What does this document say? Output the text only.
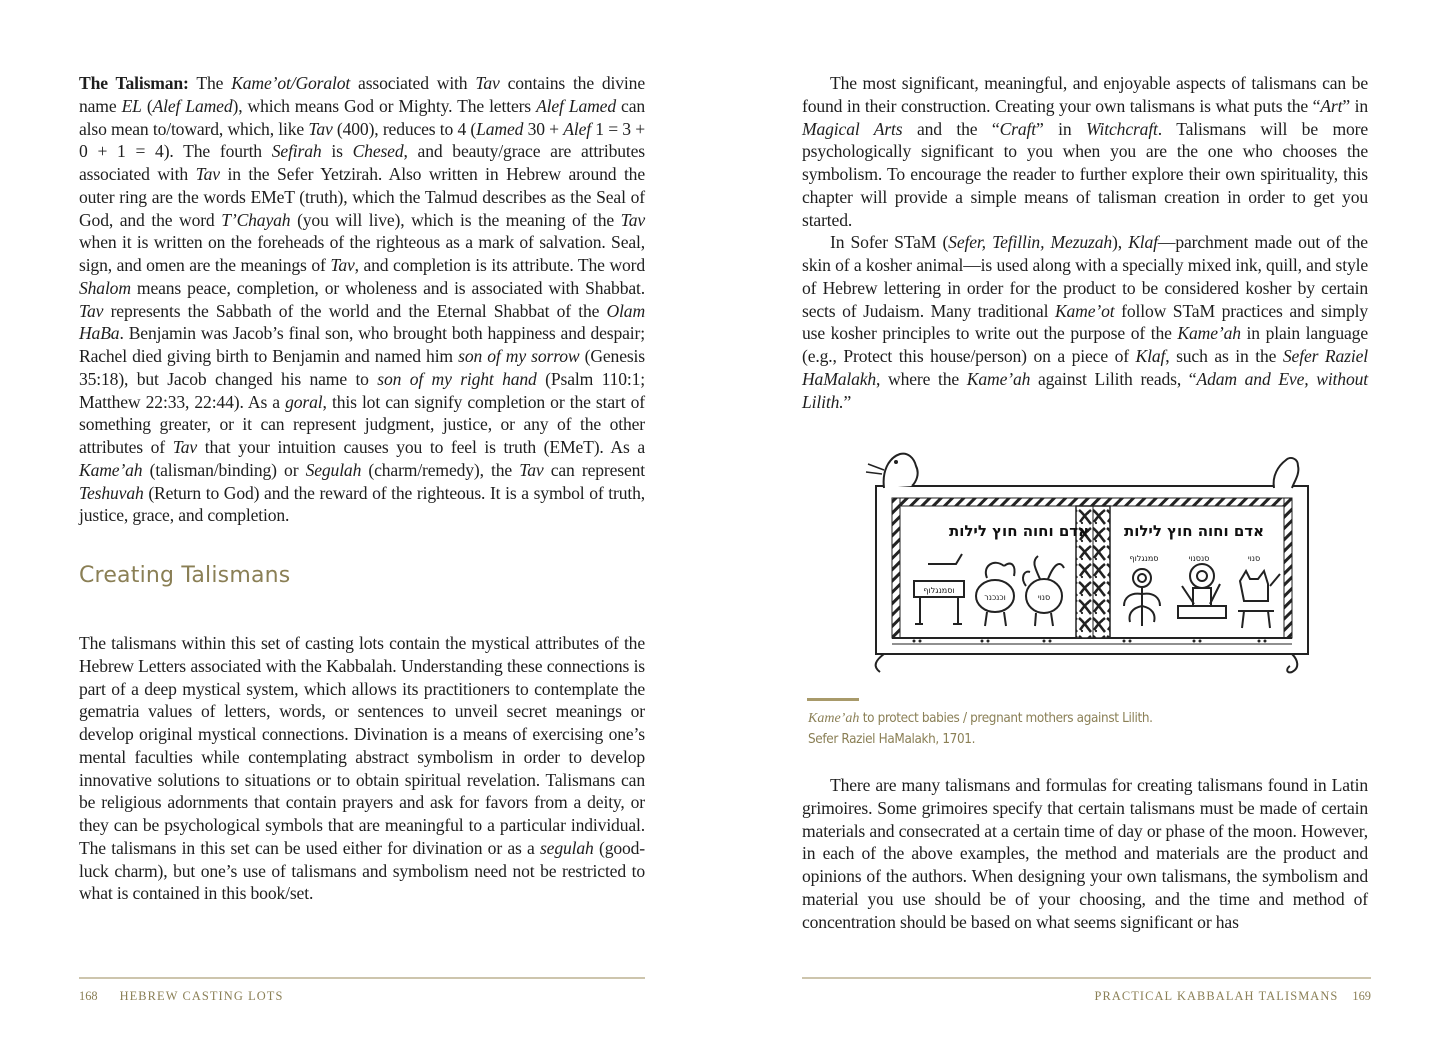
The Talisman: The Kame’ot/Goralot associated with Tav contains the divine name EL (Alef Lamed), which means God or Mighty. The letters Alef Lamed can also mean to/toward, which, like Tav (400), reduces to 4 (Lamed 30 + Alef 1 = 3 + 0 + 1 = 4). The fourth Sefirah is Chesed, and beauty/grace are attributes associated with Tav in the Sefer Yetzirah. Also written in Hebrew around the outer ring are the words EMeT (truth), which the Talmud describes as the Seal of God, and the word T’Chayah (you will live), which is the meaning of the Tav when it is written on the foreheads of the righteous as a mark of salvation. Seal, sign, and omen are the meanings of Tav, and completion is its attribute. The word Shalom means peace, completion, or wholeness and is associated with Shabbat. Tav represents the Sabbath of the world and the Eternal Shabbat of the Olam HaBa. Benjamin was Jacob’s final son, who brought both happiness and despair; Rachel died giving birth to Benjamin and named him son of my sorrow (Genesis 35:18), but Jacob changed his name to son of my right hand (Psalm 110:1; Matthew 22:33, 22:44). As a goral, this lot can signify completion or the start of something greater, or it can represent judgment, justice, or any of the other attributes of Tav that your intuition causes you to feel is truth (EMeT). As a Kame’ah (talisman/binding) or Segulah (charm/remedy), the Tav can represent Teshuvah (Return to God) and the reward of the righteous. It is a symbol of truth, justice, grace, and completion.

Creating Talismans

The talismans within this set of casting lots contain the mystical attributes of the Hebrew Letters associated with the Kabbalah. Understanding these connections is part of a deep mystical system, which allows its practitioners to contemplate the gematria values of letters, words, or sentences to unveil secret meanings or develop original mystical connections. Divination is a means of exercising one’s mental faculties while contemplating abstract symbolism in order to develop innovative solutions to situations or to obtain spiritual revelation. Talismans can be religious adornments that contain prayers and ask for favors from a deity, or they can be psychological symbols that are meaningful to a particular individual. The talismans in this set can be used either for divination or as a segulah (good-luck charm), but one’s use of talismans and symbolism need not be restricted to what is contained in this book/set.

The most significant, meaningful, and enjoyable aspects of talismans can be found in their construction. Creating your own talismans is what puts the “Art” in Magical Arts and the “Craft” in Witchcraft. Talismans will be more psychologically significant to you when you are the one who chooses the symbolism. To encourage the reader to further explore their own spirituality, this chapter will provide a simple means of talisman creation in order to get you started.

In Sofer STaM (Sefer, Tefillin, Mezuzah), Klaf—parchment made out of the skin of a kosher animal—is used along with a specially mixed ink, quill, and style of Hebrew lettering in order for the product to be considered kosher by certain sects of Judaism. Many traditional Kame’ot follow STaM practices and simply use kosher principles to write out the purpose of the Kame’ah in plain language (e.g., Protect this house/person) on a piece of Klaf, such as in the Sefer Raziel HaMalakh, where the Kame’ah against Lilith reads, “Adam and Eve, without Lilith.”

אדם וחוה חוץ לילות
וסמנגלוף
וכנכנר	סנוי
אדם וחוה חוץ לילות
סמנגלוף	סנסנוי	סנוי
Kame’ah to protect babies / pregnant mothers against Lilith.
Sefer Raziel HaMalakh, 1701.

There are many talismans and formulas for creating talismans found in Latin grimoires. Some grimoires specify that certain talismans must be made of certain materials and consecrated at a certain time of day or phase of the moon. However, in each of the above examples, the method and materials are the product and opinions of the authors. When designing your own talismans, the symbolism and material you use should be of your choosing, and the time and method of concentration should be based on what seems significant or has

168 HEBREW CASTING LOTS	PRACTICAL KABBALAH TALISMANS 169
